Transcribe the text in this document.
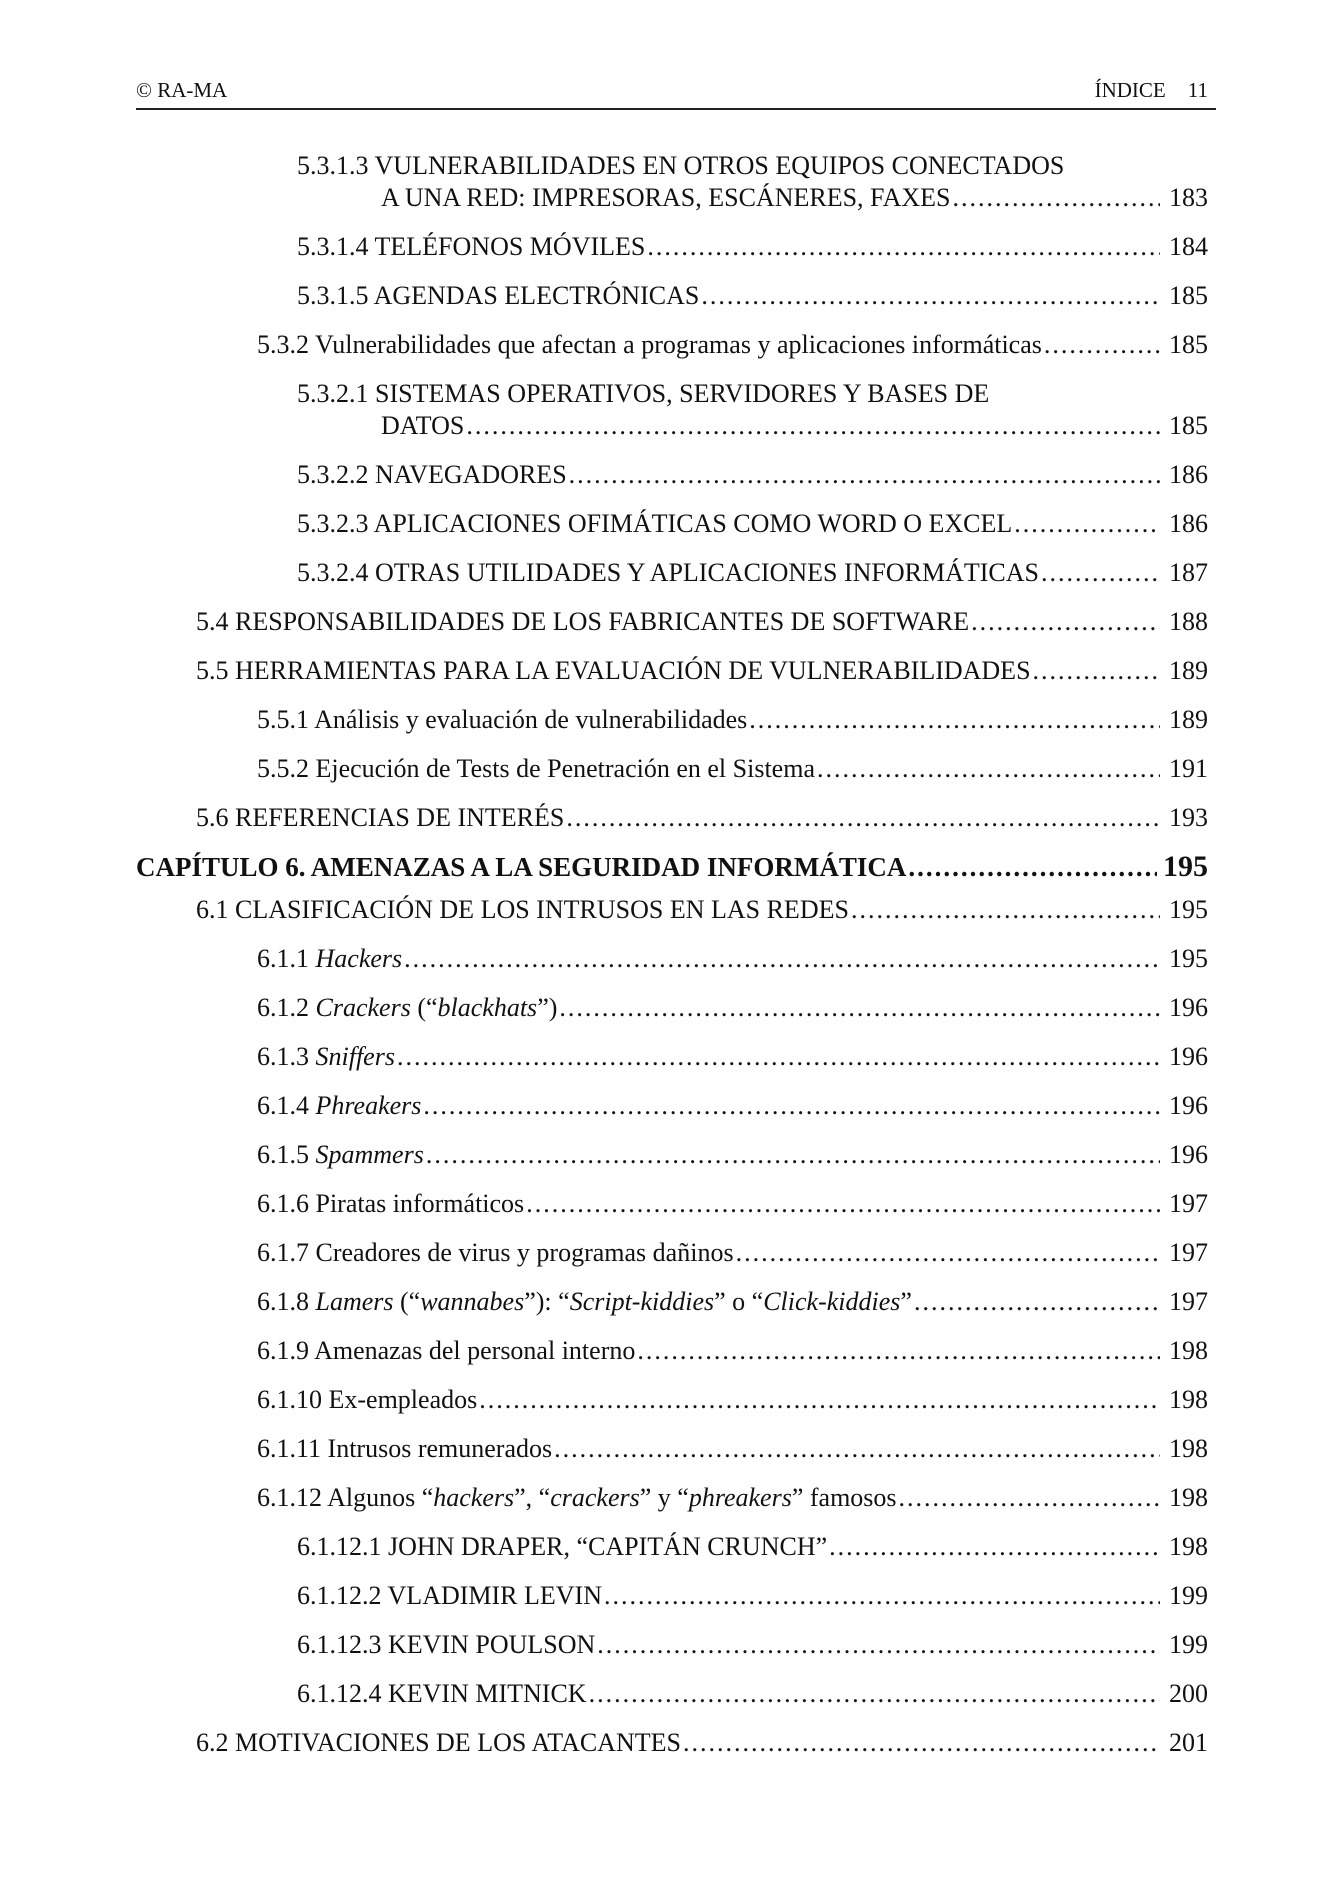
© RA-MA	ÍNDICE 11
5.3.1.3 VULNERABILIDADES EN OTROS EQUIPOS CONECTADOS
A UNA RED: IMPRESORAS, ESCÁNERES, FAXES .....	183
5.3.1.4 TELÉFONOS MÓVILES .....	184
5.3.1.5 AGENDAS ELECTRÓNICAS .....	185
5.3.2 Vulnerabilidades que afectan a programas y aplicaciones informáticas .....	185
5.3.2.1 SISTEMAS OPERATIVOS, SERVIDORES Y BASES DE
DATOS .....	185
5.3.2.2 NAVEGADORES .....	186
5.3.2.3 APLICACIONES OFIMÁTICAS COMO WORD O EXCEL .....	186
5.3.2.4 OTRAS UTILIDADES Y APLICACIONES INFORMÁTICAS .....	187
5.4 RESPONSABILIDADES DE LOS FABRICANTES DE SOFTWARE .....	188
5.5 HERRAMIENTAS PARA LA EVALUACIÓN DE VULNERABILIDADES .....	189
5.5.1 Análisis y evaluación de vulnerabilidades .....	189
5.5.2 Ejecución de Tests de Penetración en el Sistema .....	191
5.6 REFERENCIAS DE INTERÉS .....	193
CAPÍTULO 6. AMENAZAS A LA SEGURIDAD INFORMÁTICA .....	195
6.1 CLASIFICACIÓN DE LOS INTRUSOS EN LAS REDES .....	195
6.1.1 Hackers .....	195
6.1.2 Crackers (“blackhats”) .....	196
6.1.3 Sniffers .....	196
6.1.4 Phreakers .....	196
6.1.5 Spammers .....	196
6.1.6 Piratas informáticos .....	197
6.1.7 Creadores de virus y programas dañinos .....	197
6.1.8 Lamers (“wannabes”): “Script-kiddies” o “Click-kiddies” .....	197
6.1.9 Amenazas del personal interno .....	198
6.1.10 Ex-empleados .....	198
6.1.11 Intrusos remunerados .....	198
6.1.12 Algunos “hackers”, “crackers” y “phreakers” famosos .....	198
6.1.12.1 JOHN DRAPER, “CAPITÁN CRUNCH” .....	198
6.1.12.2 VLADIMIR LEVIN .....	199
6.1.12.3 KEVIN POULSON .....	199
6.1.12.4 KEVIN MITNICK .....	200
6.2 MOTIVACIONES DE LOS ATACANTES .....	201
